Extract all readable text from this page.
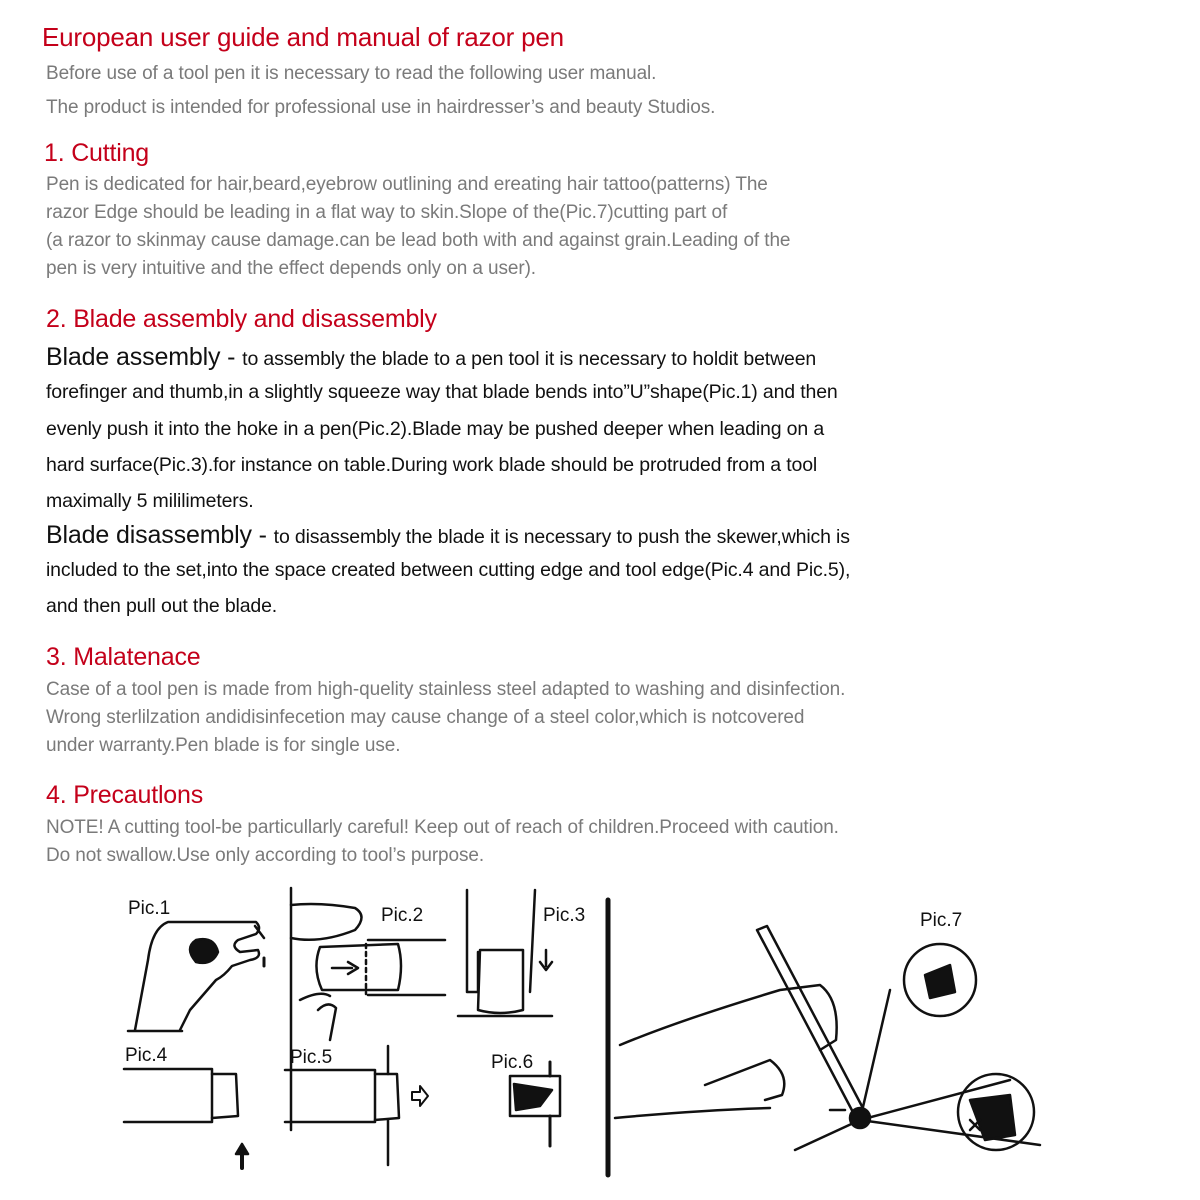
European user guide and manual of razor pen
Before use of a tool pen it is necessary to read the following user manual.
The product is intended for professional use in hairdresser’s and beauty Studios.
1. Cutting
Pen is dedicated for hair,beard,eyebrow outlining and ereating hair tattoo(patterns) The
razor Edge should be leading in a flat way to skin.Slope of the(Pic.7)cutting part of
(a razor to skinmay cause damage.can be lead both with and against grain.Leading of the
pen is very intuitive and the effect depends only on a user).
2. Blade assembly and disassembly
Blade assembly - to assembly the blade to a pen tool it is necessary to holdit between
forefinger and thumb,in a slightly squeeze way that blade bends into”U”shape(Pic.1) and then
evenly push it into the hoke in a pen(Pic.2).Blade may be pushed deeper when leading on a
hard surface(Pic.3).for instance on table.During work blade should be protruded from a tool
maximally 5 mililimeters.
Blade disassembly - to disassembly the blade it is necessary to push the skewer,which is
included to the set,into the space created between cutting edge and tool edge(Pic.4 and Pic.5),
and then pull out the blade.
3. Malatenace
Case of a tool pen is made from high-quelity stainless steel adapted to washing and disinfection.
Wrong sterlilzation andidisinfecetion may cause change of a steel color,which is notcovered
under warranty.Pen blade is for single use.
4. Precautlons
NOTE! A cutting tool-be particullarly careful! Keep out of reach of children.Proceed with caution.
Do not swallow.Use only according to tool’s purpose.
Pic.1	Pic.2	Pic.3
Pic.4	Pic.5	Pic.6
Pic.7
